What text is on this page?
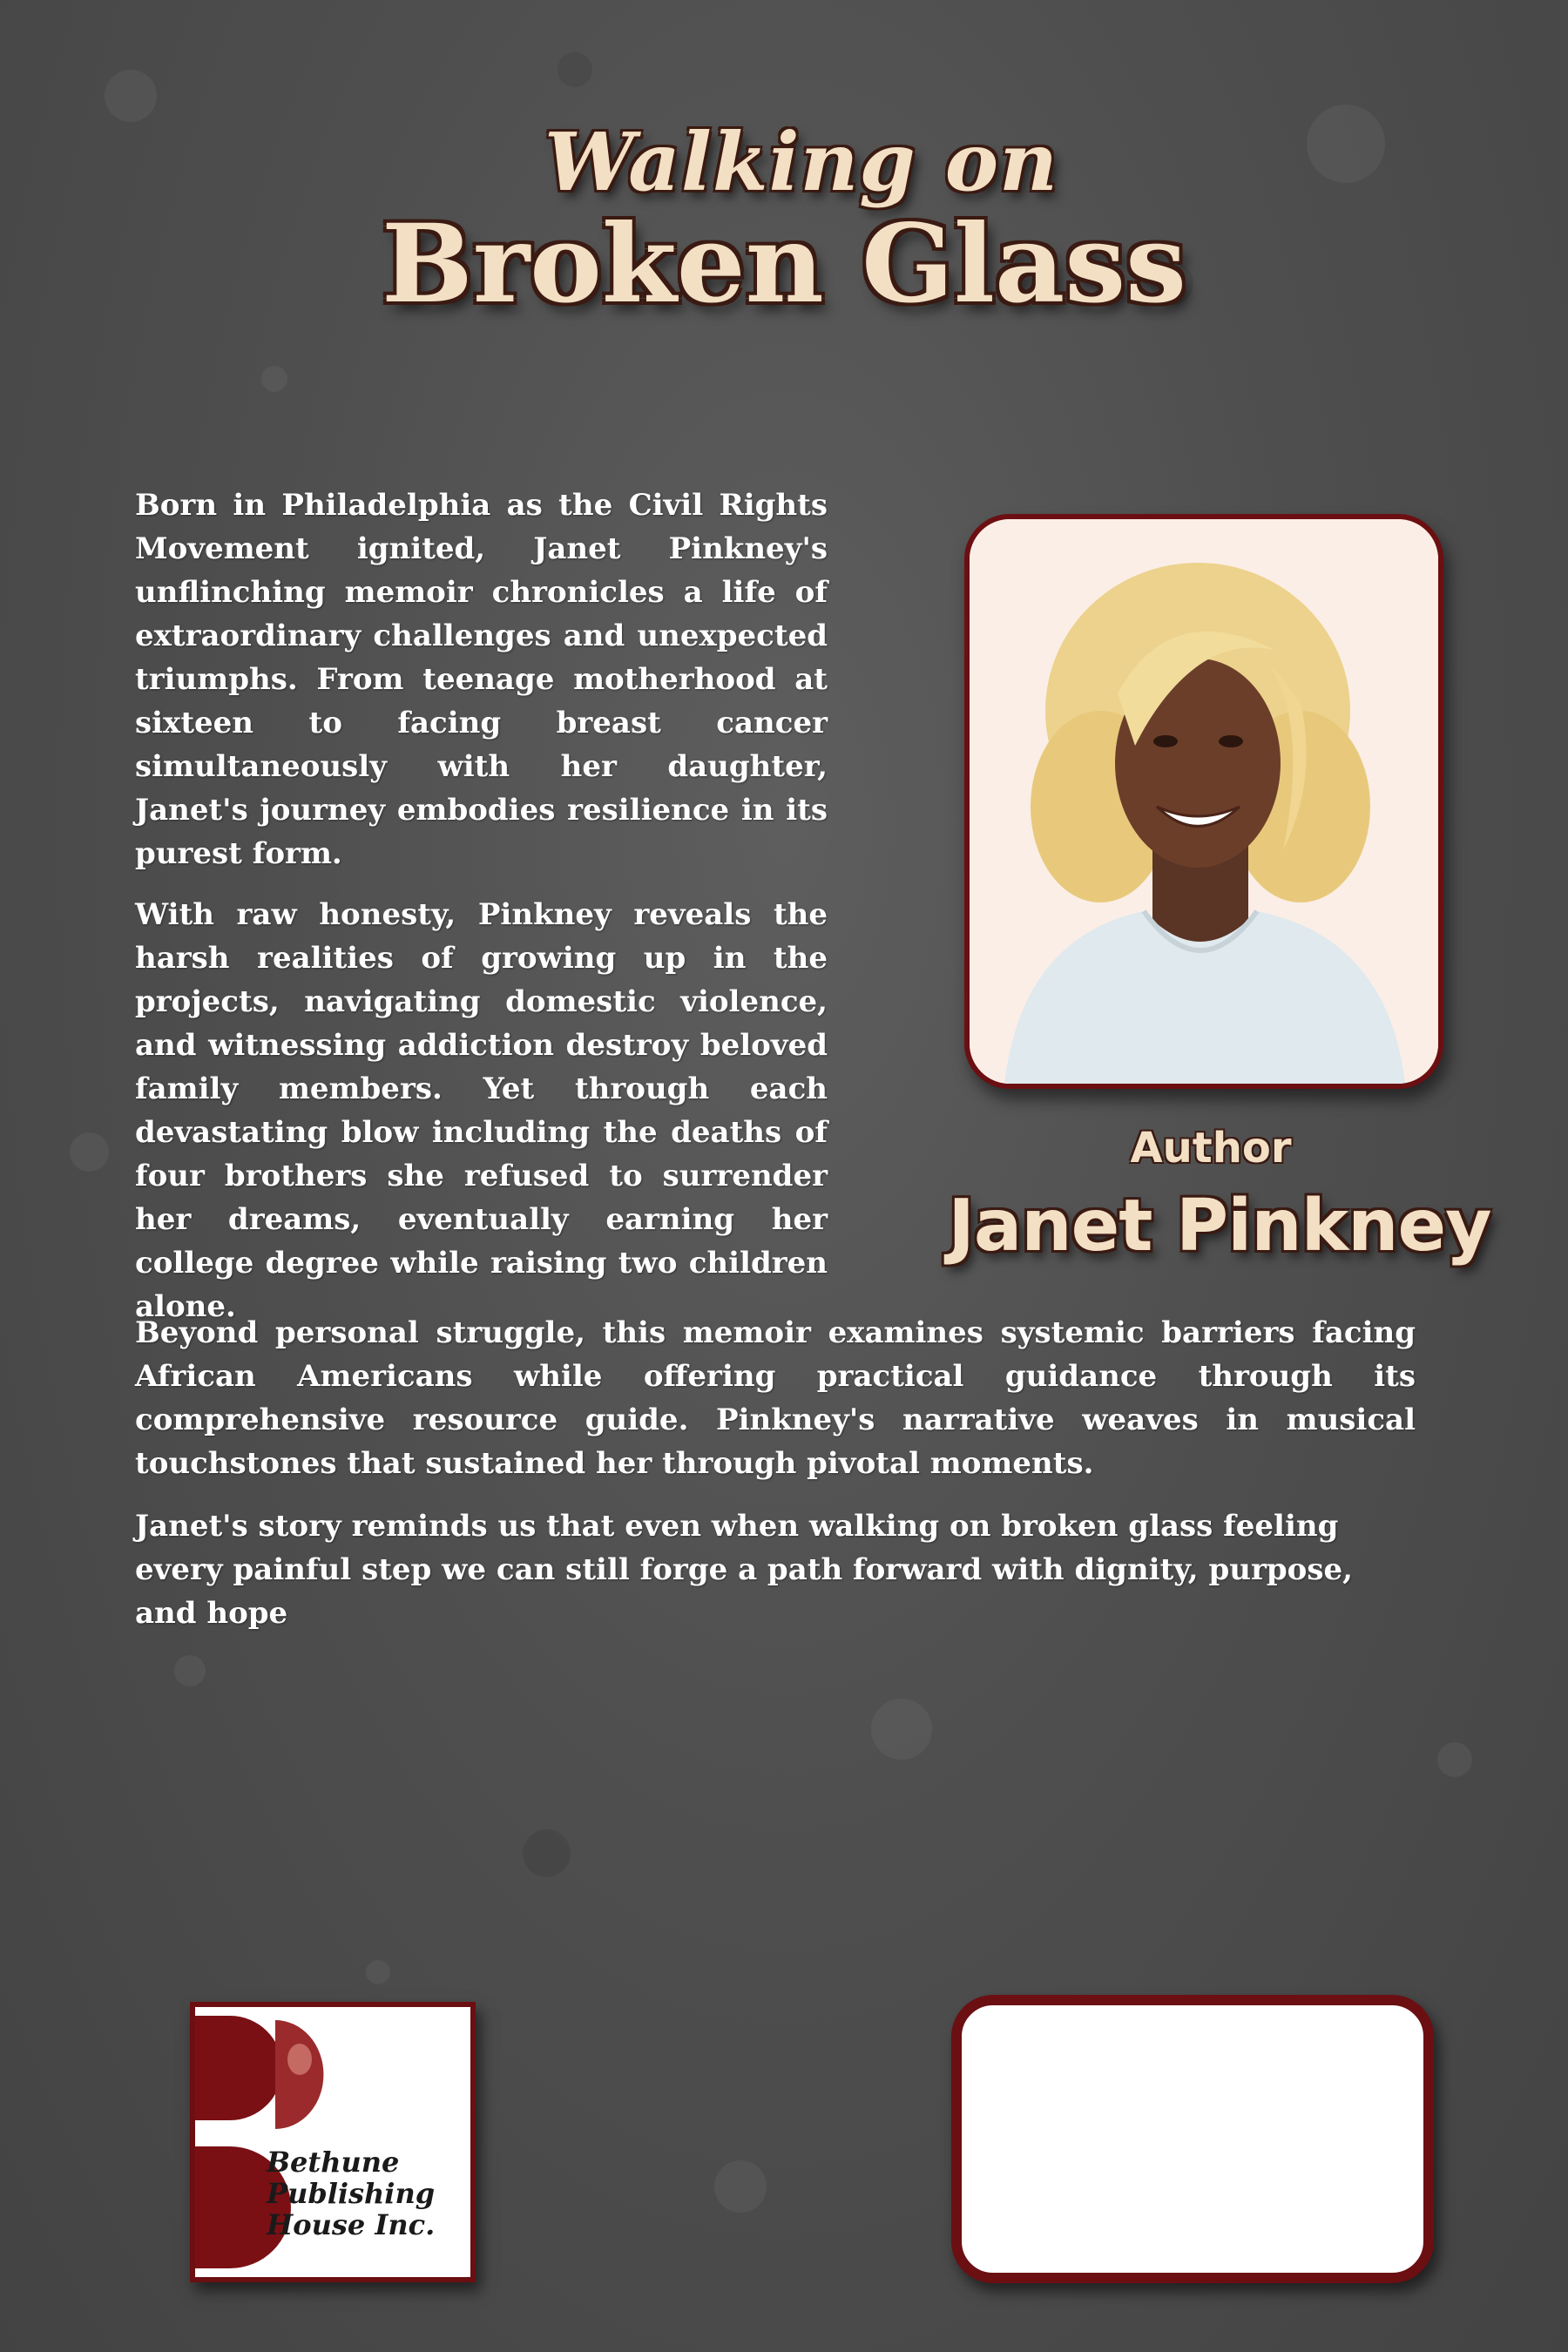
Walking on
Broken Glass

Born in Philadelphia as the Civil Rights Movement ignited, Janet Pinkney's unflinching memoir chronicles a life of extraordinary challenges and unexpected triumphs. From teenage motherhood at sixteen to facing breast cancer simultaneously with her daughter, Janet's journey embodies resilience in its purest form.

With raw honesty, Pinkney reveals the harsh realities of growing up in the projects, navigating domestic violence, and witnessing addiction destroy beloved family members. Yet through each devastating blow including the deaths of four brothers she refused to surrender her dreams, eventually earning her college degree while raising two children alone.

Author
Janet Pinkney

Beyond personal struggle, this memoir examines systemic barriers facing African Americans while offering practical guidance through its comprehensive resource guide. Pinkney's narrative weaves in musical touchstones that sustained her through pivotal moments.

Janet's story reminds us that even when walking on broken glass feeling every painful step we can still forge a path forward with dignity, purpose, and hope

Bethune
Publishing
House Inc.
